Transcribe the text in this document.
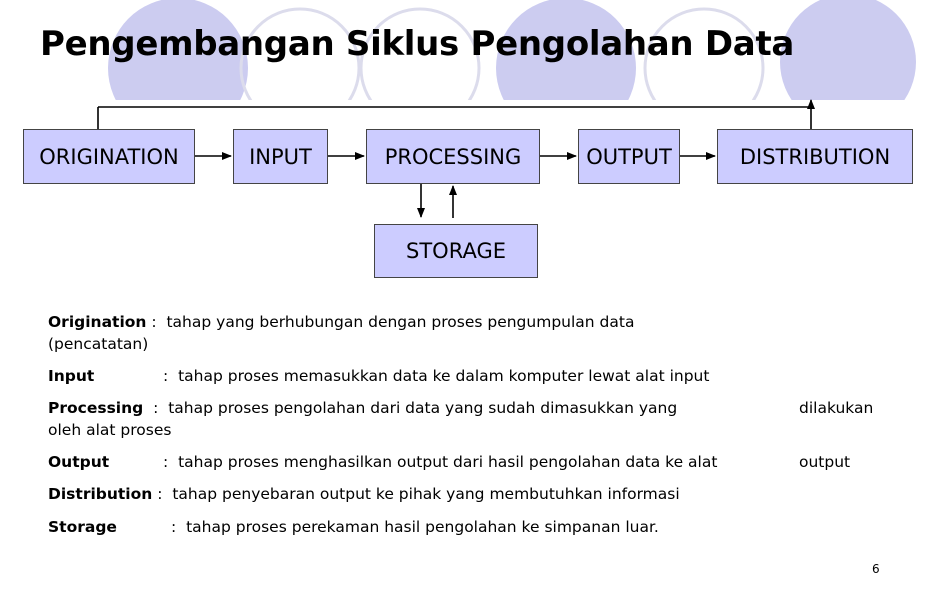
Pengembangan Siklus Pengolahan Data
ORIGINATION	INPUT	PROCESSING	OUTPUT	DISTRIBUTION
STORAGE
Origination : tahap yang berhubungan dengan proses pengumpulan data
(pencatatan)
Input	: tahap proses memasukkan data ke dalam komputer lewat alat input
Processing : tahap proses pengolahan dari data yang sudah dimasukkan yang
oleh alat proses
dilakukan
Output	: tahap proses menghasilkan output dari hasil pengolahan data ke alat	output
Distribution : tahap penyebaran output ke pihak yang membutuhkan informasi
Storage	: tahap proses perekaman hasil pengolahan ke simpanan luar.
6
